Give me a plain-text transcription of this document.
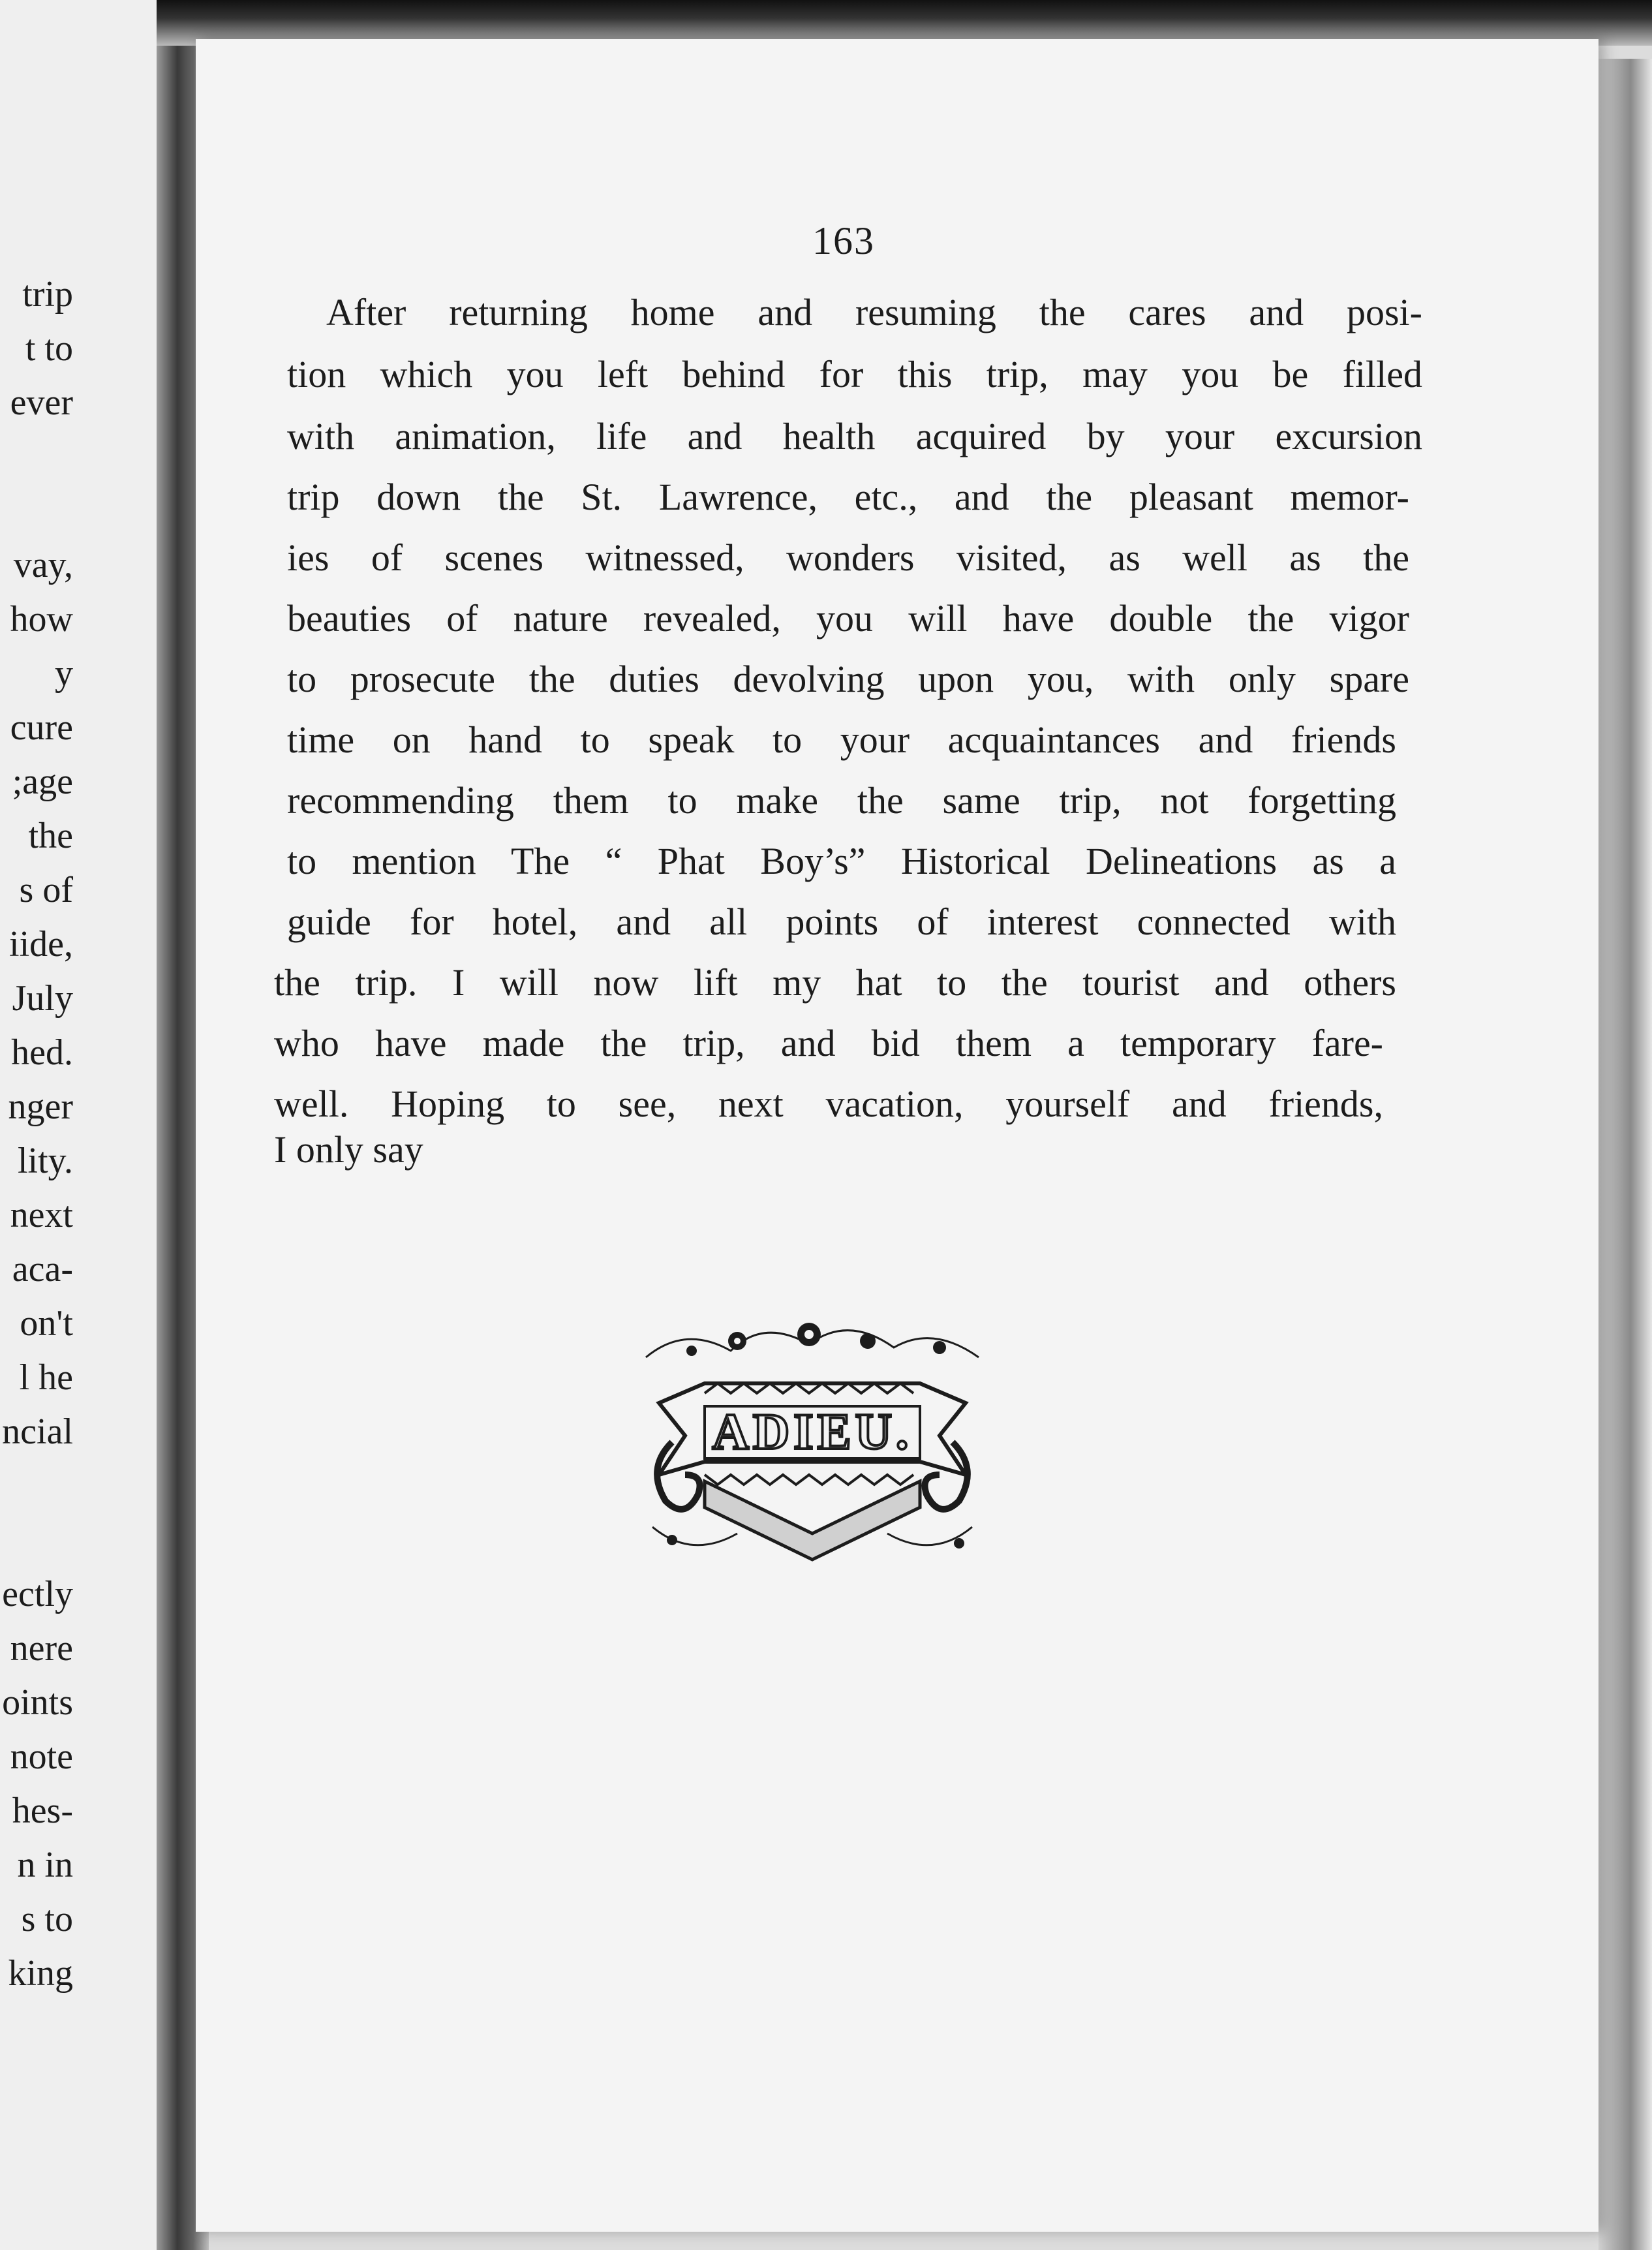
trip
t to
ever
vay,
how
y
cure
;age
the
s of
iide,
July
hed.
nger
lity.
next
aca-
on't
l he
ncial
ectly
nere
oints
note
hes-
n in
s to
king
163
After returning home and resuming the cares and posi-
tion which you left behind for this trip, may you be filled
with animation, life and health acquired by your excursion
trip down the St. Lawrence, etc., and the pleasant memor-
ies of scenes witnessed, wonders visited, as well as the
beauties of nature revealed, you will have double the vigor
to prosecute the duties devolving upon you, with only spare
time on hand to speak to your acquaintances and friends
recommending them to make the same trip, not forgetting
to mention The “ Phat Boy’s” Historical Delineations as a
guide for hotel, and all points of interest connected with
the trip. I will now lift my hat to the tourist and others
who have made the trip, and bid them a temporary fare-
well. Hoping to see, next vacation, yourself and friends,
I only say
ADIEU.
